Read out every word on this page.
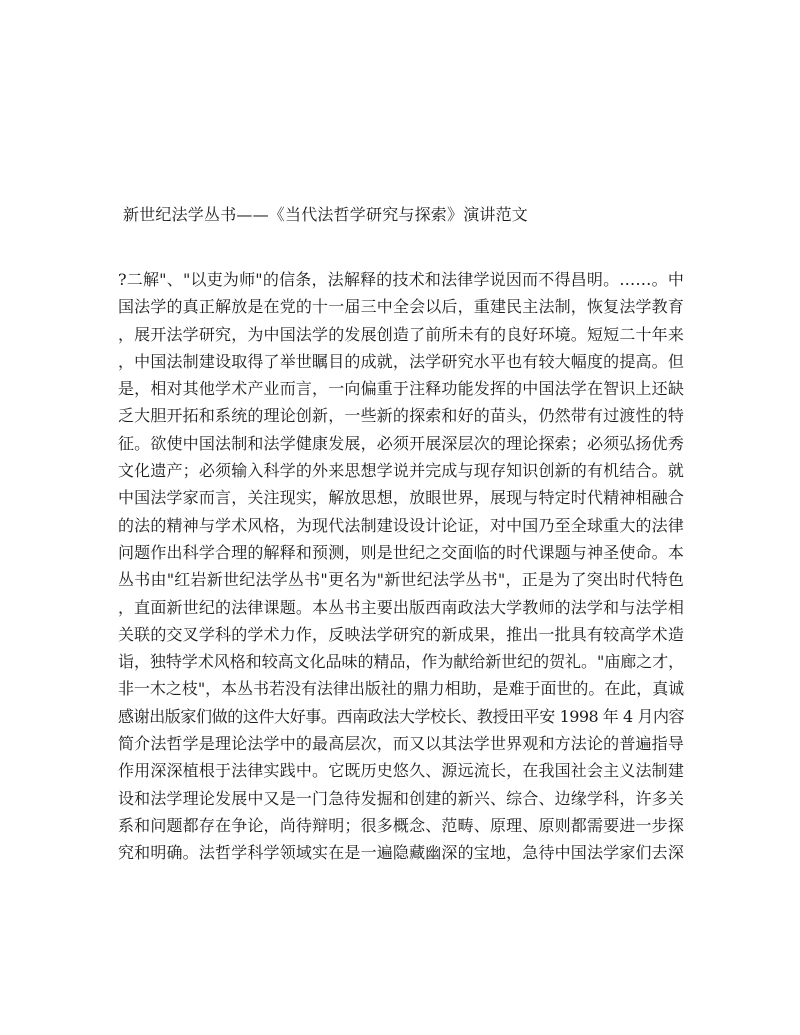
新世纪法学丛书——《当代法哲学研究与探索》演讲范文
?二解"、"以吏为师"的信条，法解释的技术和法律学说因而不得昌明。……。中
国法学的真正解放是在党的十一届三中全会以后，重建民主法制，恢复法学教育
，展开法学研究，为中国法学的发展创造了前所未有的良好环境。短短二十年来
，中国法制建设取得了举世瞩目的成就，法学研究水平也有较大幅度的提高。但
是，相对其他学术产业而言，一向偏重于注释功能发挥的中国法学在智识上还缺
乏大胆开拓和系统的理论创新，一些新的探索和好的苗头，仍然带有过渡性的特
征。欲使中国法制和法学健康发展，必须开展深层次的理论探索；必须弘扬优秀
文化遗产；必须输入科学的外来思想学说并完成与现存知识创新的有机结合。就
中国法学家而言，关注现实，解放思想，放眼世界，展现与特定时代精神相融合
的法的精神与学术风格，为现代法制建设设计论证，对中国乃至全球重大的法律
问题作出科学合理的解释和预测，则是世纪之交面临的时代课题与神圣使命。本
丛书由"红岩新世纪法学丛书"更名为"新世纪法学丛书"，正是为了突出时代特色
，直面新世纪的法律课题。本丛书主要出版西南政法大学教师的法学和与法学相
关联的交叉学科的学术力作，反映法学研究的新成果，推出一批具有较高学术造
诣，独特学术风格和较高文化品味的精品，作为献给新世纪的贺礼。"庙廊之才，
非一木之枝"，本丛书若没有法律出版社的鼎力相助，是难于面世的。在此，真诚
感谢出版家们做的这件大好事。西南政法大学校长、教授田平安 1998 年 4 月内容
简介法哲学是理论法学中的最高层次，而又以其法学世界观和方法论的普遍指导
作用深深植根于法律实践中。它既历史悠久、源远流长，在我国社会主义法制建
设和法学理论发展中又是一门急待发掘和创建的新兴、综合、边缘学科，许多关
系和问题都存在争论，尚待辩明；很多概念、范畴、原理、原则都需要进一步探
究和明确。法哲学科学领域实在是一遍隐藏幽深的宝地，急待中国法学家们去深
